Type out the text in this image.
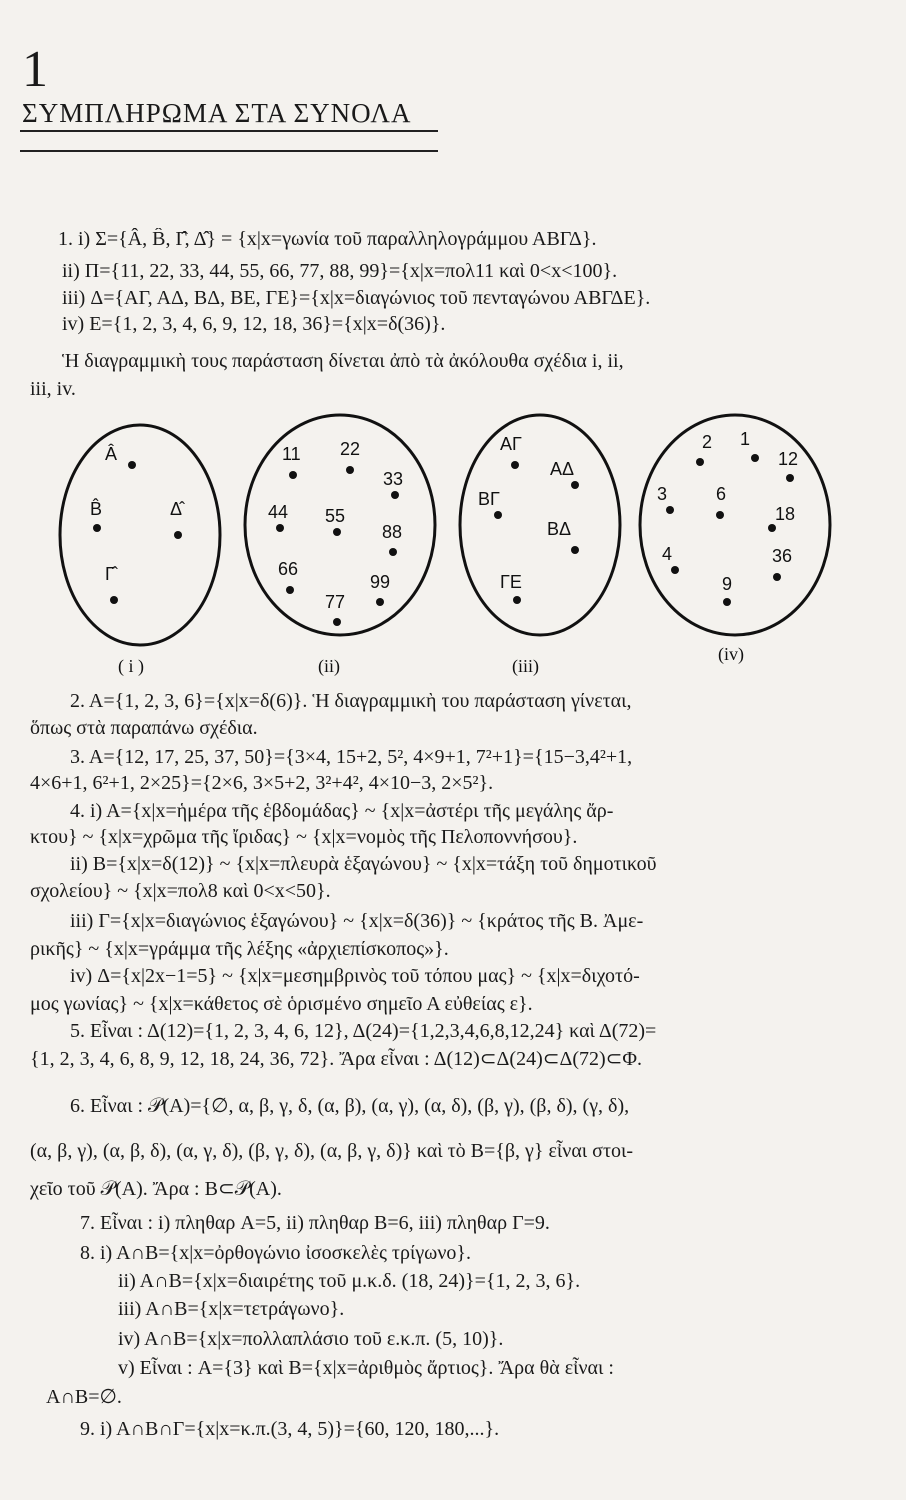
1
ΣΥΜΠΛΗΡΩΜΑ ΣΤΑ ΣΥΝΟΛΑ
1. i) Σ={Â, B̂, Γ̂, Δ̂} = {x|x=γωνία τοῦ παραλληλογράμμου ΑΒΓΔ}.
ii) Π={11, 22, 33, 44, 55, 66, 77, 88, 99}={x|x=πολ11 καὶ 0<x<100}.
iii) Δ={ΑΓ, ΑΔ, ΒΔ, ΒΕ, ΓΕ}={x|x=διαγώνιος τοῦ πενταγώνου ΑΒΓΔΕ}.
iv) Ε={1, 2, 3, 4, 6, 9, 12, 18, 36}={x|x=δ(36)}.
Ἡ διαγραμμικὴ τους παράσταση δίνεται ἀπὸ τὰ ἀκόλουθα σχέδια i, ii,
iii, iv.
Â
B̂	Δ̂
Γ̂
( i )
11 22
33
44 55
88
66
99
77
(ii)
ΑΓ
ΑΔ
ΒΓ
ΒΔ
ΓΕ
(iii)
2 1
12
3	6
18
4	36
9
(iv)
2. A={1, 2, 3, 6}={x|x=δ(6)}. Ἡ διαγραμμικὴ του παράσταση γίνεται,
ὅπως στὰ παραπάνω σχέδια.
3. A={12, 17, 25, 37, 50}={3×4, 15+2, 5², 4×9+1, 7²+1}={15−3,4²+1,
4×6+1, 6²+1, 2×25}={2×6, 3×5+2, 3²+4², 4×10−3, 2×5²}.
4. i) A={x|x=ἡμέρα τῆς ἑβδομάδας} ~ {x|x=ἀστέρι τῆς μεγάλης ἄρ-
κτου} ~ {x|x=χρῶμα τῆς ἴριδας} ~ {x|x=νομὸς τῆς Πελοποννήσου}.
ii) B={x|x=δ(12)} ~ {x|x=πλευρὰ ἑξαγώνου} ~ {x|x=τάξη τοῦ δημοτικοῦ
σχολείου} ~ {x|x=πολ8 καὶ 0<x<50}.
iii) Γ={x|x=διαγώνιος ἑξαγώνου} ~ {x|x=δ(36)} ~ {κράτος τῆς Β. Ἀμε-
ρικῆς} ~ {x|x=γράμμα τῆς λέξης «ἀρχιεπίσκοπος»}.
iv) Δ={x|2x−1=5} ~ {x|x=μεσημβρινὸς τοῦ τόπου μας} ~ {x|x=διχοτό-
μος γωνίας} ~ {x|x=κάθετος σὲ ὁρισμένο σημεῖο Α εὐθείας ε}.
5. Εἶναι : Δ(12)={1, 2, 3, 4, 6, 12}, Δ(24)={1,2,3,4,6,8,12,24} καὶ Δ(72)=
{1, 2, 3, 4, 6, 8, 9, 12, 18, 24, 36, 72}. Ἄρα εἶναι : Δ(12)⊂Δ(24)⊂Δ(72)⊂Φ.
6. Εἶναι : 𝒫(A)={∅, α, β, γ, δ, (α, β), (α, γ), (α, δ), (β, γ), (β, δ), (γ, δ),
(α, β, γ), (α, β, δ), (α, γ, δ), (β, γ, δ), (α, β, γ, δ)} καὶ τὸ B={β, γ} εἶναι στοι-
χεῖο τοῦ 𝒫(A). Ἄρα : B⊂𝒫(A).
7. Εἶναι : i) πληθαρ A=5, ii) πληθαρ B=6, iii) πληθαρ Γ=9.
8. i) A∩B={x|x=ὀρθογώνιο ἰσοσκελὲς τρίγωνο}.
ii) A∩B={x|x=διαιρέτης τοῦ μ.κ.δ. (18, 24)}={1, 2, 3, 6}.
iii) A∩B={x|x=τετράγωνο}.
iv) A∩B={x|x=πολλαπλάσιο τοῦ ε.κ.π. (5, 10)}.
v) Εἶναι : A={3} καὶ B={x|x=ἀριθμὸς ἄρτιος}. Ἄρα θὰ εἶναι :
A∩B=∅.
9. i) A∩B∩Γ={x|x=κ.π.(3, 4, 5)}={60, 120, 180,...}.
